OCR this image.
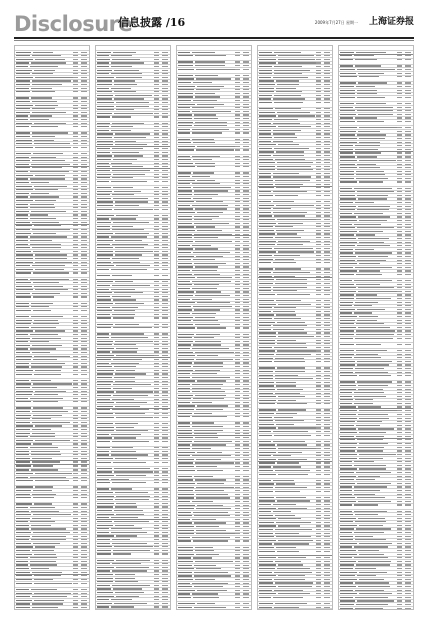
Disclosure
信息披露 /16	2009年7月27日 星期一 上海证券报
